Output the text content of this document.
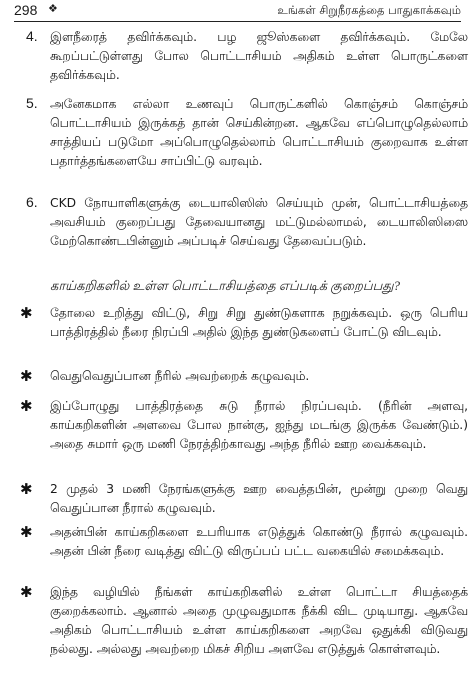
298 ❖	உங்கள் சிறுநீரகத்தை பாதுகாக்கவும்
4. இளநீரைத் தவிர்க்கவும். பழ ஜூஸ்களை தவிர்க்கவும். மேலே கூறப்பட்டுள்ளது போல பொட்டாசியம் அதிகம் உள்ள பொருட்களை தவிர்க்கவும்.
5. அனேகமாக எல்லா உணவுப் பொருட்களில் கொஞ்சம் கொஞ்சம் பொட்டாசியம் இருக்கத் தான் செய்கின்றன. ஆகவே எப்பொழுதெல்லாம் சாத்தியப் படுமோ அப்பொழுதெல்லாம் பொட்டாசியம் குறைவாக உள்ள பதார்த்தங்களையே சாப்பிட்டு வரவும்.
6. CKD நோயாளிகளுக்கு டையாலிஸிஸ் செய்யும் முன், பொட்டாசியத்தை அவசியம் குறைப்பது தேவையானது மட்டுமல்லாமல், டையாலிஸிஸை மேற்கொண்டபின்னும் அப்படிச் செய்வது தேவைப்படும்.
காய்கறிகளில் உள்ள பொட்டாசியத்தை எப்படிக் குறைப்பது?
✱ தோலை உறித்து விட்டு, சிறு சிறு துண்டுகளாக நறுக்கவும். ஒரு பெரிய பாத்திரத்தில் நீரை நிரப்பி அதில் இந்த துண்டுகளைப் போட்டு விடவும்.
✱ வெதுவெதுப்பான நீரில் அவற்றைக் கழுவவும்.
✱ இப்போழுது பாத்திரத்தை சுடு நீரால் நிரப்பவும். (நீரின் அளவு, காய்கறிகளின் அளவை போல நான்கு, ஐந்து மடங்கு இருக்க வேண்டும்.) அதை சுமார் ஒரு மணி நேரத்திற்காவது அந்த நீரில் ஊற வைக்கவும்.
✱ 2 முதல் 3 மணி நேரங்களுக்கு ஊற வைத்தபின், மூன்று முறை வெது வெதுப்பான நீரால் கழுவவும்.
✱ அதன்பின் காய்கறிகளை உபரியாக எடுத்துக் கொண்டு நீரால் கழுவவும். அதன் பின் நீரை வடித்து விட்டு விருப்பப் பட்ட வகையில் சமைக்கவும்.
✱ இந்த வழியில் நீங்கள் காய்கறிகளில் உள்ள பொட்டா சியத்தைக் குறைக்கலாம். ஆனால் அதை முழுவதுமாக நீக்கி விட முடியாது. ஆகவே அதிகம் பொட்டாசியம் உள்ள காய்கறிகளை அறவே ஒதுக்கி விடுவது நல்லது. அல்லது அவற்றை மிகச் சிறிய அளவே எடுத்துக் கொள்ளவும்.
